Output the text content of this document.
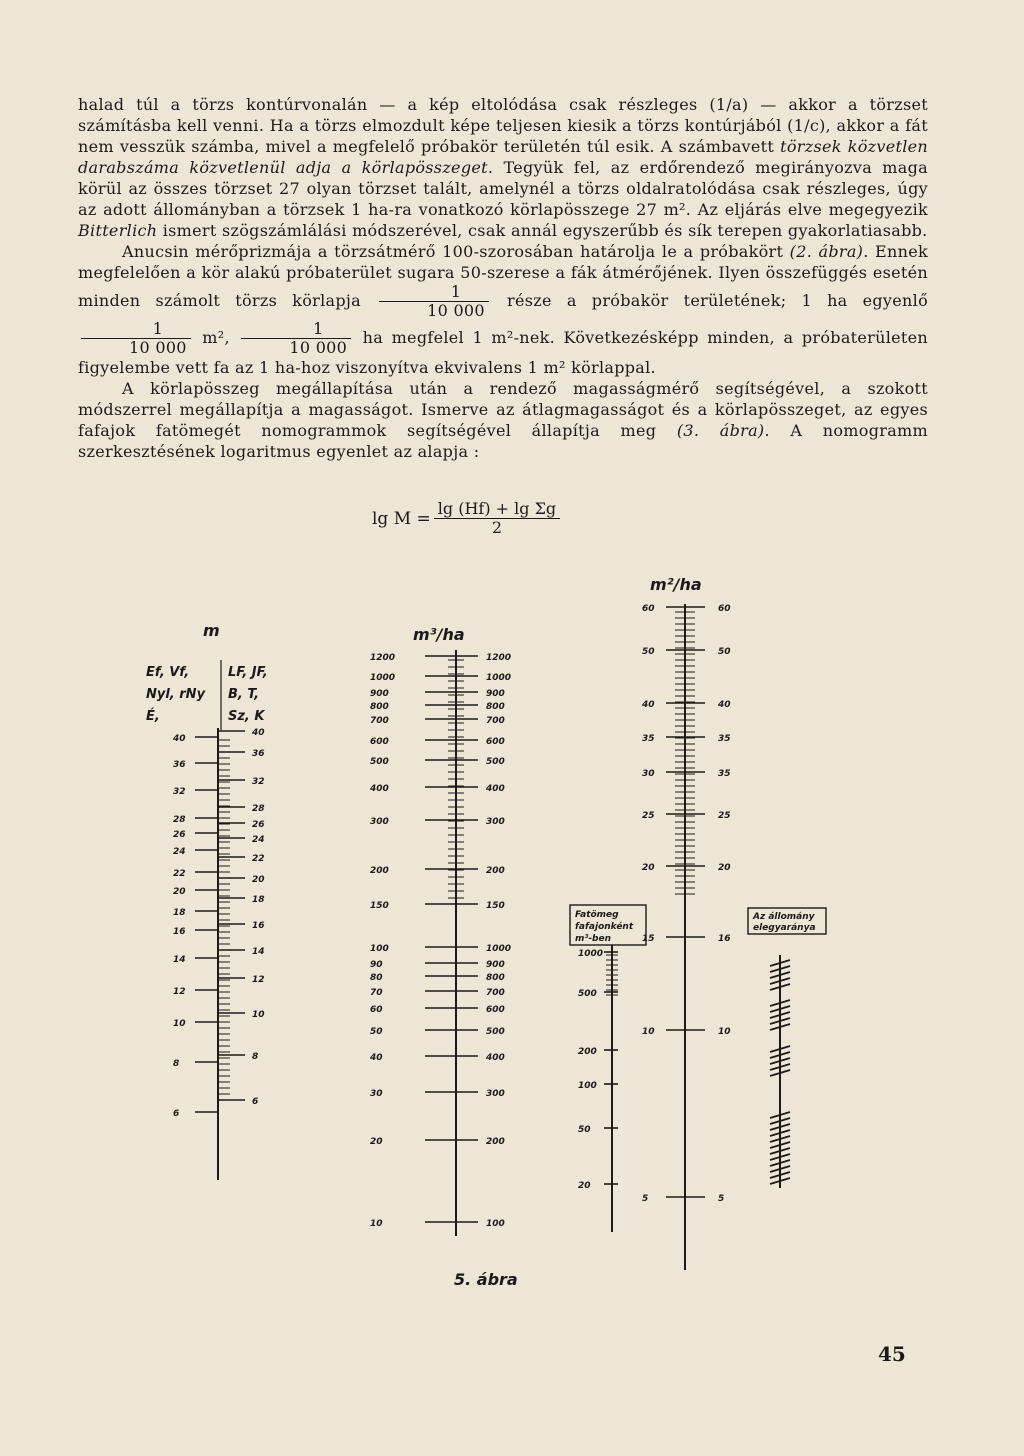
halad túl a törzs kontúrvonalán — a kép eltolódása csak részleges (1/a) — akkor a törzset számításba kell venni. Ha a törzs elmozdult képe teljesen kiesik a törzs kontúrjából (1/c), akkor a fát nem vesszük számba, mivel a megfelelő próbakör területén túl esik. A számbavett törzsek közvetlen darabszáma közvetlenül adja a körlapösszeget. Tegyük fel, az erdőrendező megirányozva maga körül az összes törzset 27 olyan törzset talált, amelynél a törzs oldalratolódása csak részleges, úgy az adott állományban a törzsek 1 ha-ra vonatkozó körlapösszege 27 m². Az eljárás elve megegyezik Bitterlich ismert szögszámlálási módszerével, csak annál egyszerűbb és sík terepen gyakorlatiasabb.

Anucsin mérőprizmája a törzsátmérő 100-szorosában határolja le a próbakört (2. ábra). Ennek megfelelően a kör alakú próbaterület sugara 50-szerese a fák átmérőjének. Ilyen összefüggés esetén minden számolt törzs körlapja $\frac{1}{10 000}$ része a próbakör területének; 1 ha egyenlő
$\frac{1}{10 000} m^2$, $\frac{1}{10 000}$ ha megfelel 1 m²-nek. Következésképp minden, a próbaterületen figyelembe vett fa az 1 ha-hoz viszonyítva ekvivalens 1 m² körlappal.

A körlapösszeg megállapítása után a rendező magasságmérő segítségével, a szokott módszerrel megállapítja a magasságot. Ismerve az átlagmagasságot és a körlapösszeget, az egyes fafajok fatömegét nomogrammok segítségével állapítja meg (3. ábra). A nomogramm szerkesztésének logaritmus egyenlet az alapja :

$\lg M = \frac{\text{lg (Hf) + lg Σg}}{2}$
m
40
36
32
28
26
24
22
20
18
16
14
12
10
8
6
40
36
32
28
26
24
22
20
18
16
14
12
10
8
6
Ef, Vf,
Nyl, rNy
É,
LF, JF,
B, T,
Sz, K
m³/ha
1200
1000
900
800
700
600
500
400
300
200
150
100
90
80
70
60
50
40
30
20
10
1200
1000
900
800
700
600
500
400
300
200
150
1000
900
800
700
600
500
400
300
200
100
m²/ha
60
50
40
35
30
25
20
15
10
5
60
50
40
35
35
25
20
16
10
5
Fatömeg
fafajonként
m³-ben
1000
500
200
100
50
20
Az állomány
elegyaránya
5. ábra
45
